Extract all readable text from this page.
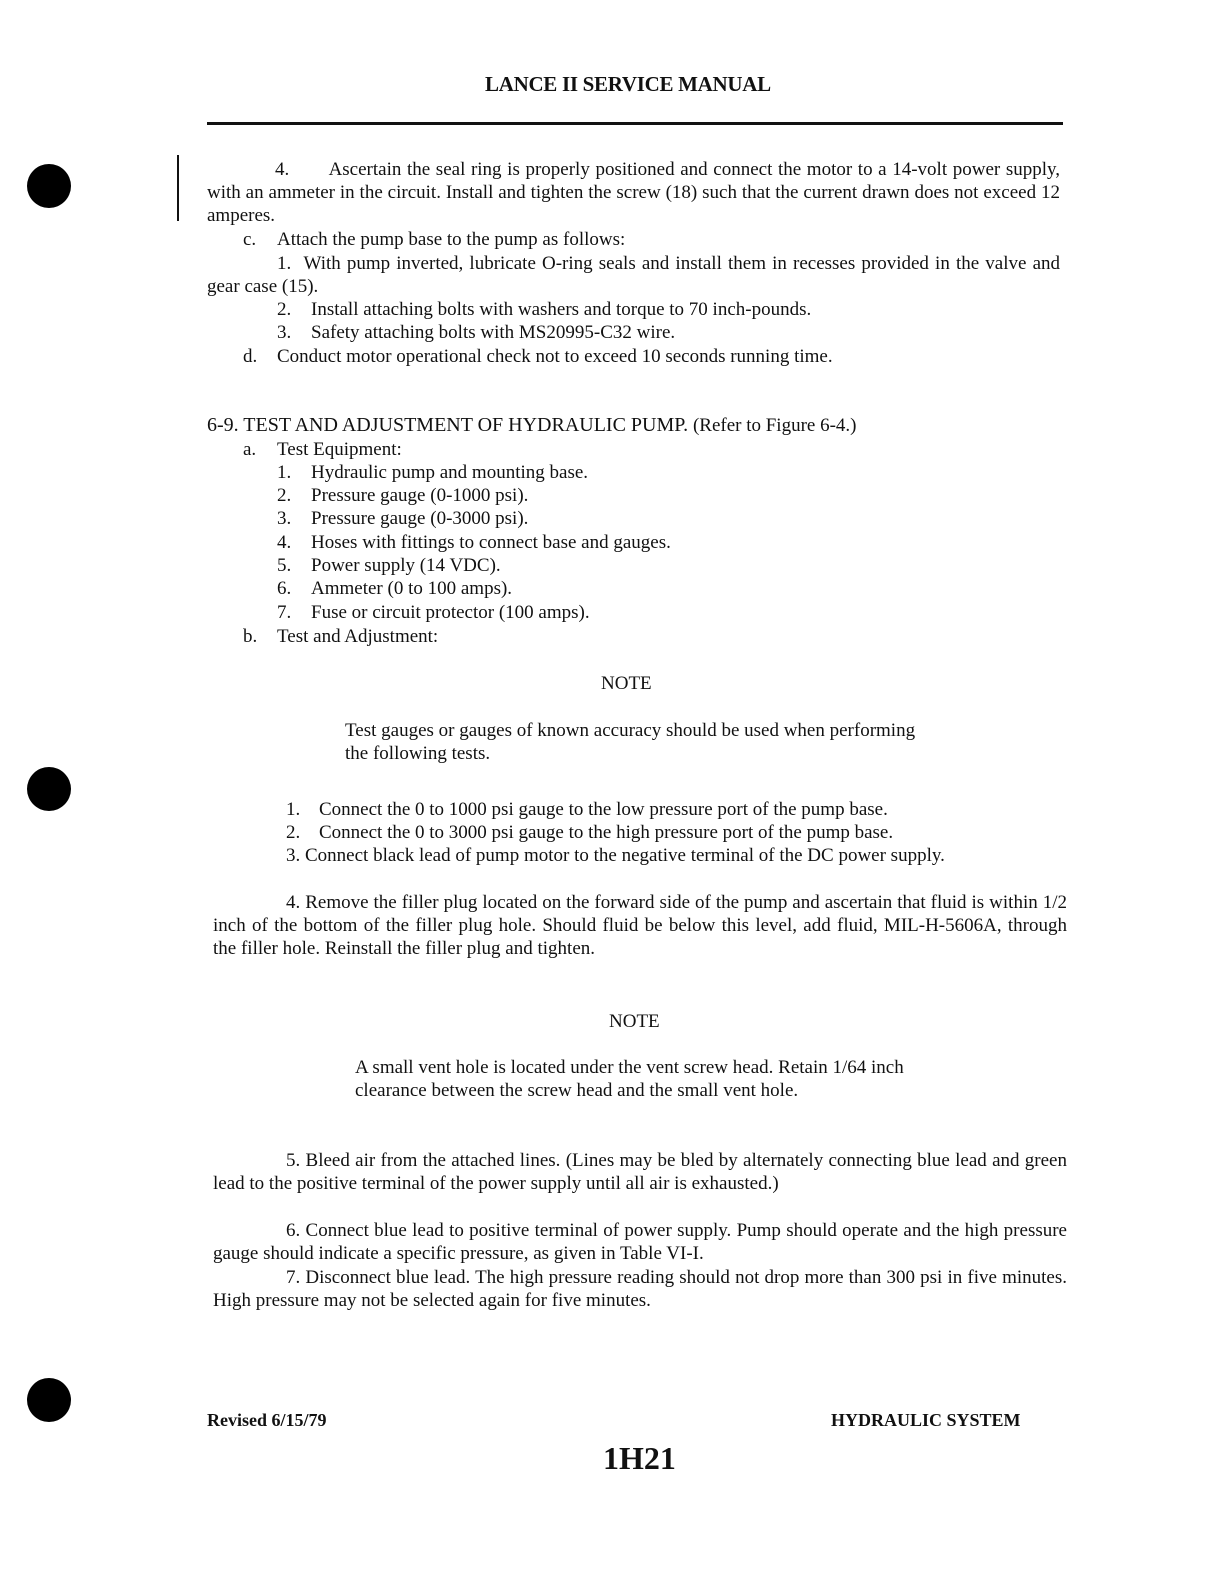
LANCE II SERVICE MANUAL
4. Ascertain the seal ring is properly positioned and connect the motor to a 14-volt power supply, with an ammeter in the circuit. Install and tighten the screw (18) such that the current drawn does not exceed 12 amperes.
c. Attach the pump base to the pump as follows:
1. With pump inverted, lubricate O-ring seals and install them in recesses provided in the valve and gear case (15).
2. Install attaching bolts with washers and torque to 70 inch-pounds.
3. Safety attaching bolts with MS20995-C32 wire.
d. Conduct motor operational check not to exceed 10 seconds running time.
6-9. TEST AND ADJUSTMENT OF HYDRAULIC PUMP. (Refer to Figure 6-4.)
a. Test Equipment:
1. Hydraulic pump and mounting base.
2. Pressure gauge (0-1000 psi).
3. Pressure gauge (0-3000 psi).
4. Hoses with fittings to connect base and gauges.
5. Power supply (14 VDC).
6. Ammeter (0 to 100 amps).
7. Fuse or circuit protector (100 amps).
b. Test and Adjustment:
NOTE
Test gauges or gauges of known accuracy should be used when performing the following tests.
1. Connect the 0 to 1000 psi gauge to the low pressure port of the pump base.
2. Connect the 0 to 3000 psi gauge to the high pressure port of the pump base.
3. Connect black lead of pump motor to the negative terminal of the DC power supply.
4. Remove the filler plug located on the forward side of the pump and ascertain that fluid is within 1/2 inch of the bottom of the filler plug hole. Should fluid be below this level, add fluid, MIL-H-5606A, through the filler hole. Reinstall the filler plug and tighten.
NOTE
A small vent hole is located under the vent screw head. Retain 1/64 inch clearance between the screw head and the small vent hole.
5. Bleed air from the attached lines. (Lines may be bled by alternately connecting blue lead and green lead to the positive terminal of the power supply until all air is exhausted.)
6. Connect blue lead to positive terminal of power supply. Pump should operate and the high pressure gauge should indicate a specific pressure, as given in Table VI-I.
7. Disconnect blue lead. The high pressure reading should not drop more than 300 psi in five minutes. High pressure may not be selected again for five minutes.
Revised 6/15/79	HYDRAULIC SYSTEM
1H21
